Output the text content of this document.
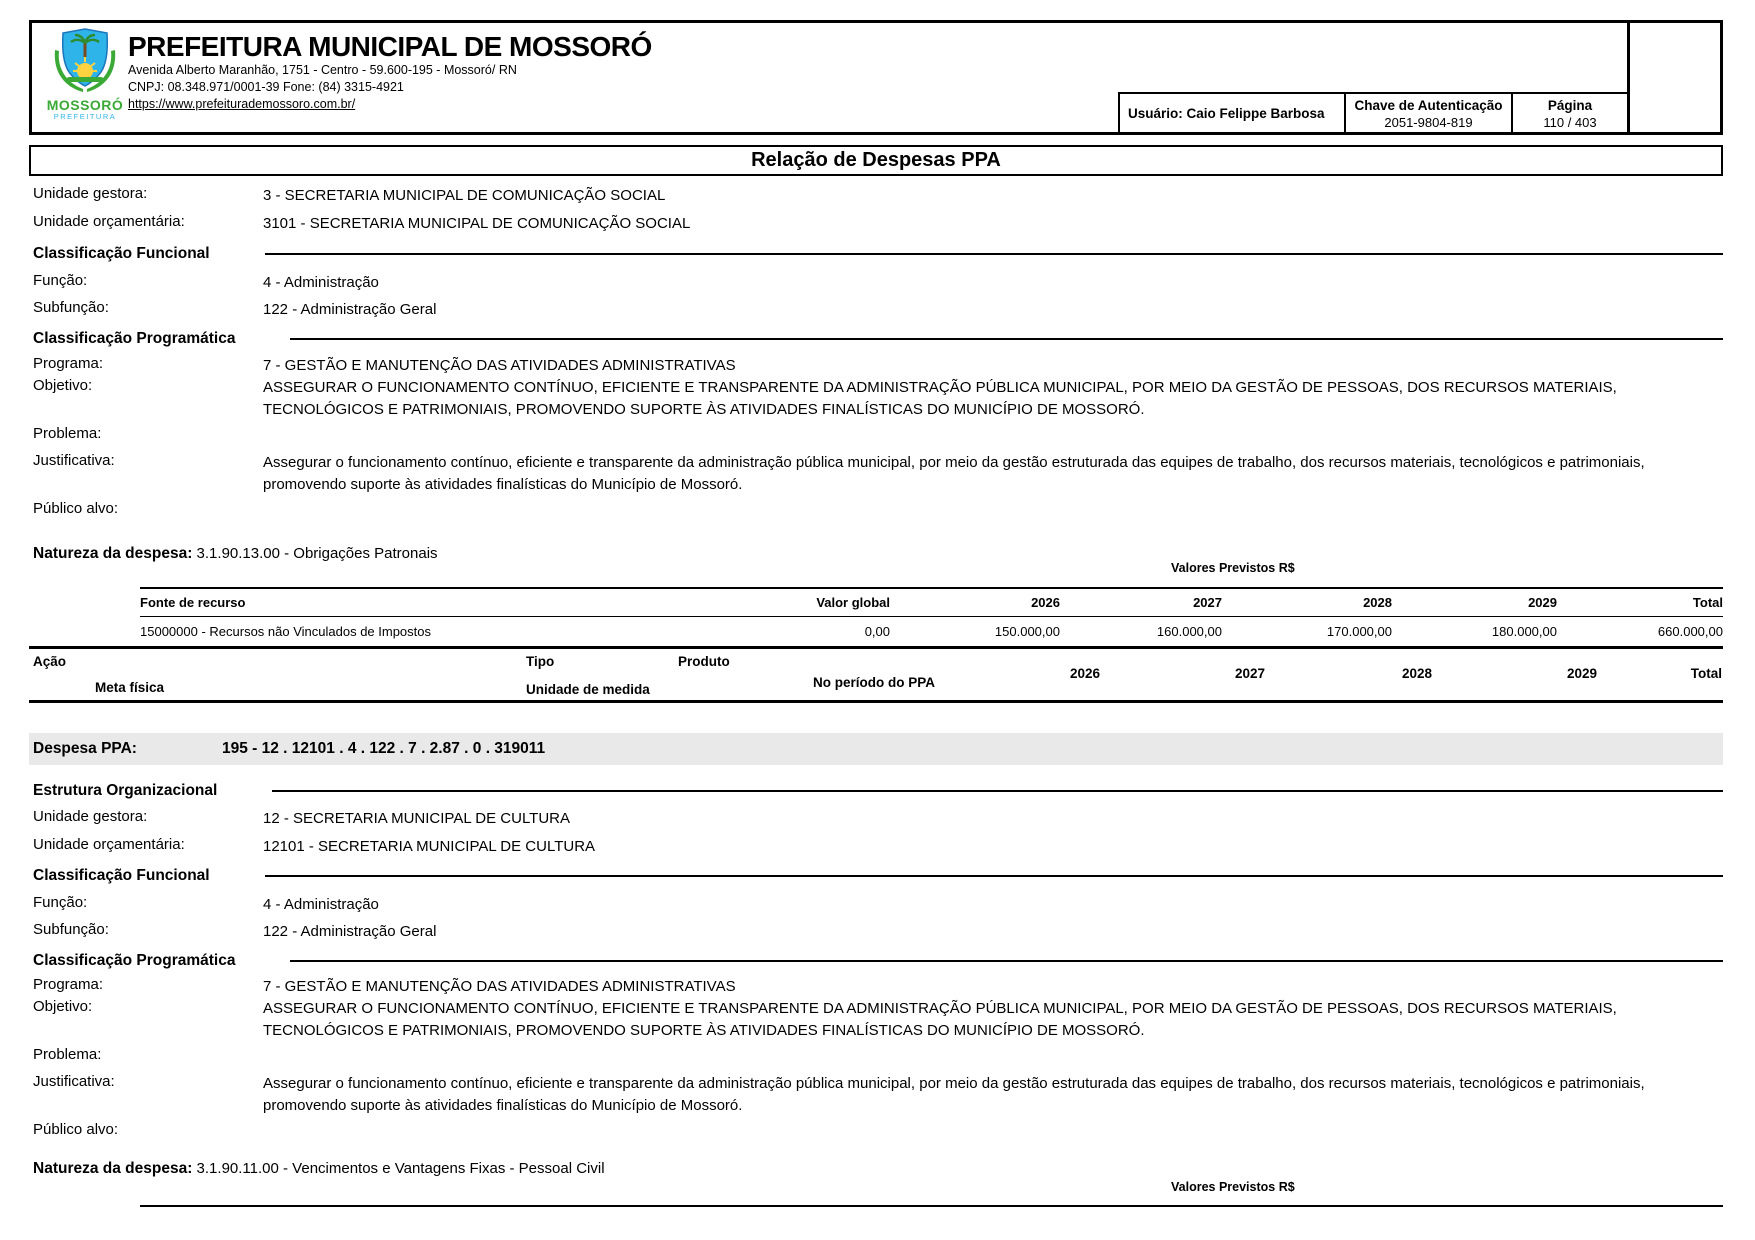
MOSSORÓ
PREFEITURA
PREFEITURA MUNICIPAL DE MOSSORÓ
Avenida Alberto Maranhão, 1751 - Centro - 59.600-195 - Mossoró/ RN
CNPJ: 08.348.971/0001-39 Fone: (84) 3315-4921
https://www.prefeiturademossoro.com.br/
Usuário: Caio Felippe Barbosa	Chave de Autenticação
2051-9804-819
Página
110 / 403
Relação de Despesas PPA
Unidade gestora:	3 - SECRETARIA MUNICIPAL DE COMUNICAÇÃO SOCIAL
Unidade orçamentária:	3101 - SECRETARIA MUNICIPAL DE COMUNICAÇÃO SOCIAL
Classificação Funcional
Função:	4 - Administração
Subfunção:	122 - Administração Geral
Classificação Programática
Programa:	7 - GESTÃO E MANUTENÇÃO DAS ATIVIDADES ADMINISTRATIVAS
Objetivo:	ASSEGURAR O FUNCIONAMENTO CONTÍNUO, EFICIENTE E TRANSPARENTE DA ADMINISTRAÇÃO PÚBLICA MUNICIPAL, POR MEIO DA GESTÃO DE PESSOAS, DOS RECURSOS MATERIAIS, TECNOLÓGICOS E PATRIMONIAIS, PROMOVENDO SUPORTE ÀS ATIVIDADES FINALÍSTICAS DO MUNICÍPIO DE MOSSORÓ.
Problema:
Justificativa:	Assegurar o funcionamento contínuo, eficiente e transparente da administração pública municipal, por meio da gestão estruturada das equipes de trabalho, dos recursos materiais, tecnológicos e patrimoniais, promovendo suporte às atividades finalísticas do Município de Mossoró.
Público alvo:
Natureza da despesa: 3.1.90.13.00 - Obrigações Patronais
Valores Previstos R$
Fonte de recurso	Valor global	2026	2027	2028	2029	Total
15000000 - Recursos não Vinculados de Impostos	0,00	150.000,00	160.000,00	170.000,00	180.000,00	660.000,00
Ação	Tipo	Produto
Meta física	Unidade de medida	No período do PPA
2026	2027	2028	2029	Total
Despesa PPA:	195 - 12 . 12101 . 4 . 122 . 7 . 2.87 . 0 . 319011
Estrutura Organizacional
Unidade gestora:	12 - SECRETARIA MUNICIPAL DE CULTURA
Unidade orçamentária:	12101 - SECRETARIA MUNICIPAL DE CULTURA
Classificação Funcional
Função:	4 - Administração
Subfunção:	122 - Administração Geral
Classificação Programática
Programa:	7 - GESTÃO E MANUTENÇÃO DAS ATIVIDADES ADMINISTRATIVAS
Objetivo:	ASSEGURAR O FUNCIONAMENTO CONTÍNUO, EFICIENTE E TRANSPARENTE DA ADMINISTRAÇÃO PÚBLICA MUNICIPAL, POR MEIO DA GESTÃO DE PESSOAS, DOS RECURSOS MATERIAIS, TECNOLÓGICOS E PATRIMONIAIS, PROMOVENDO SUPORTE ÀS ATIVIDADES FINALÍSTICAS DO MUNICÍPIO DE MOSSORÓ.
Problema:
Justificativa:	Assegurar o funcionamento contínuo, eficiente e transparente da administração pública municipal, por meio da gestão estruturada das equipes de trabalho, dos recursos materiais, tecnológicos e patrimoniais, promovendo suporte às atividades finalísticas do Município de Mossoró.
Público alvo:
Natureza da despesa: 3.1.90.11.00 - Vencimentos e Vantagens Fixas - Pessoal Civil
Valores Previstos R$
